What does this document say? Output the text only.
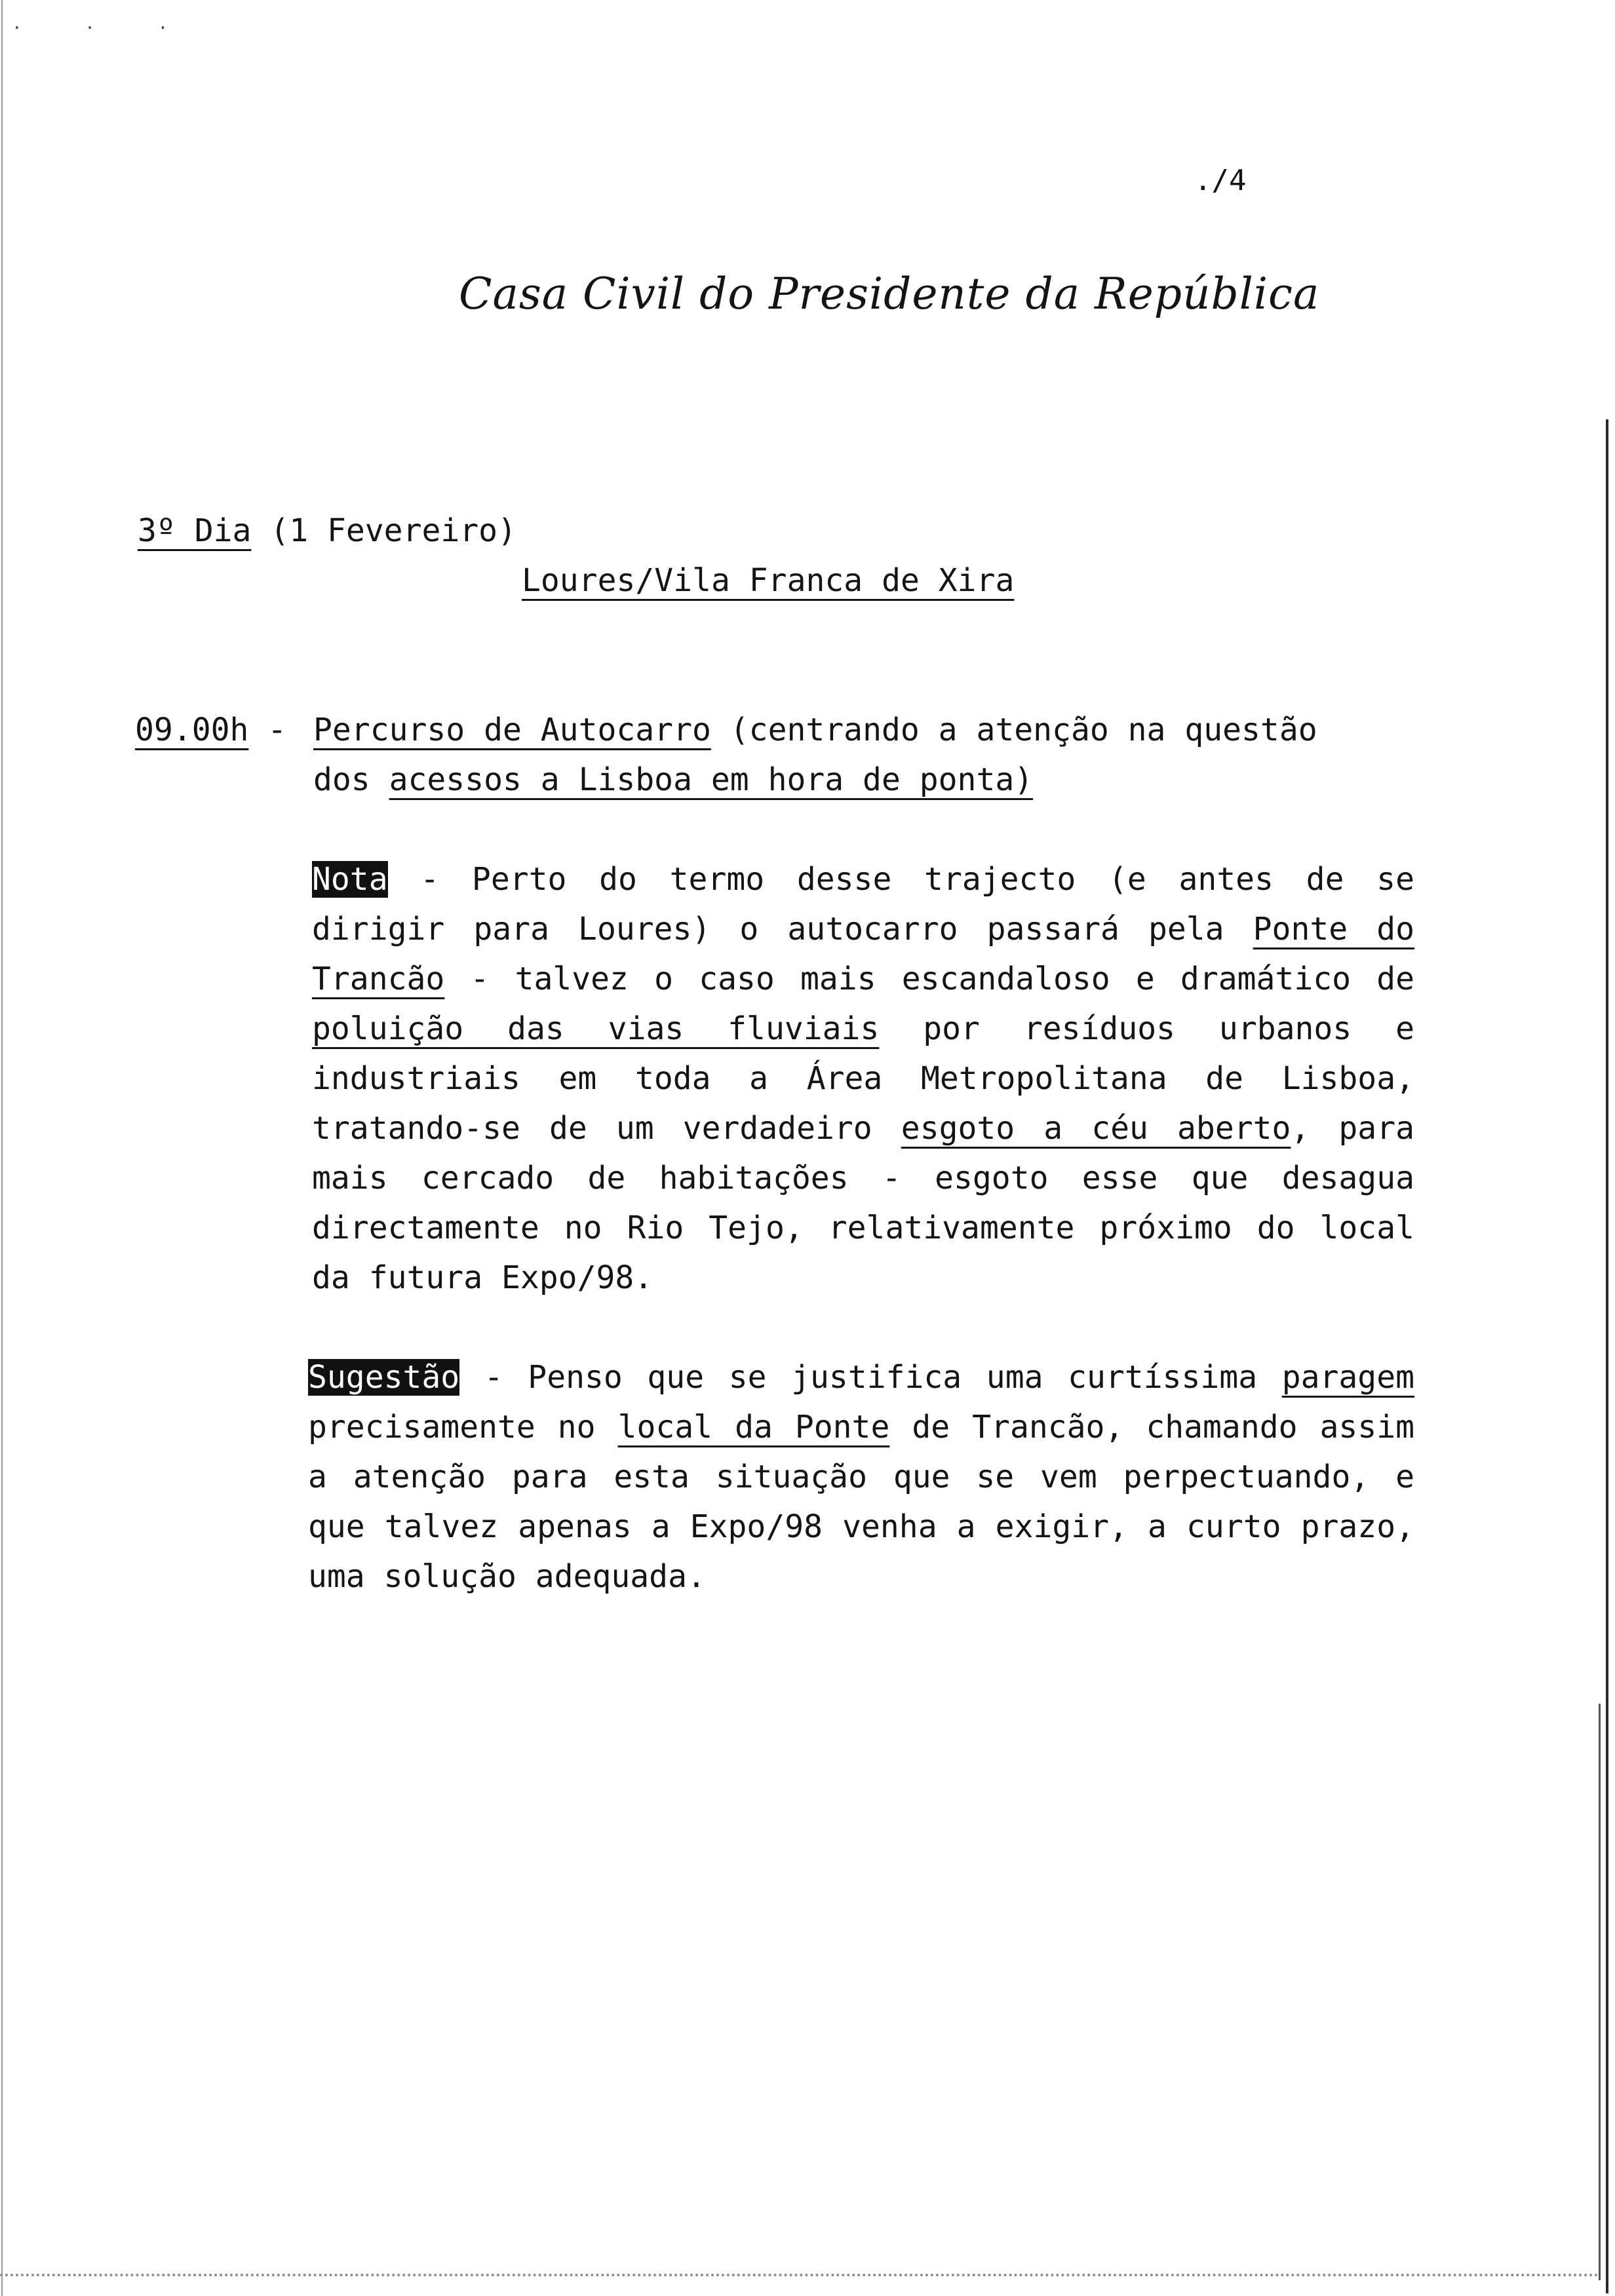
· · ·
./4
Casa Civil do Presidente da República
3º Dia (1 Fevereiro)
Loures/Vila Franca de Xira
09.00h - Percurso de Autocarro (centrando a atenção na questão
dos acessos a Lisboa em hora de ponta)
Nota - Perto do termo desse trajecto (e antes de se dirigir para Loures) o autocarro passará pela Ponte do Trancão - talvez o caso mais escandaloso e dramático de poluição das vias fluviais por resíduos urbanos e industriais em toda a Área Metropolitana de Lisboa, tratando-se de um verdadeiro esgoto a céu aberto, para mais cercado de habitações - esgoto esse que desagua directamente no Rio Tejo, relativamente próximo do local da futura Expo/98.
Sugestão - Penso que se justifica uma curtíssima paragem precisamente no local da Ponte de Trancão, chamando assim a atenção para esta situação que se vem perpectuando, e que talvez apenas a Expo/98 venha a exigir, a curto prazo, uma solução adequada.
